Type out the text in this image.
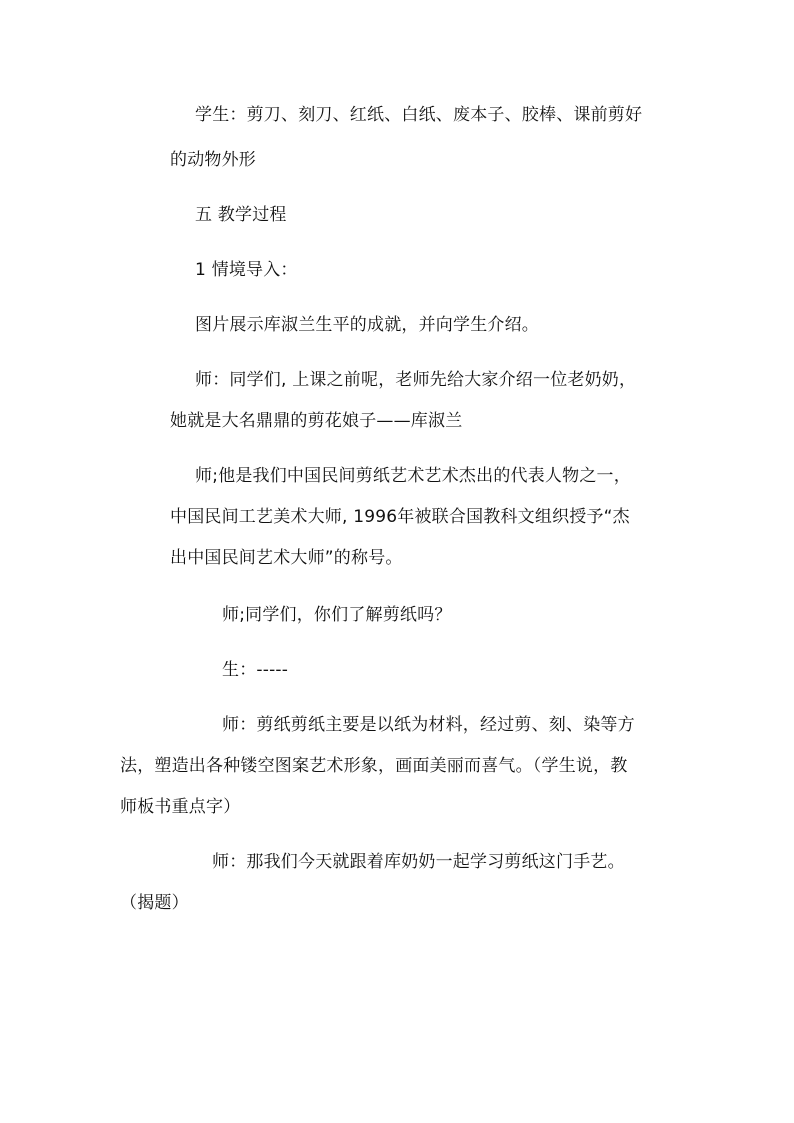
学生：剪刀、刻刀、红纸、白纸、废本子、胶棒、课前剪好
的动物外形
五 教学过程
1 情境导入：
图片展示库淑兰生平的成就，并向学生介绍。
师：同学们, 上课之前呢，老师先给大家介绍一位老奶奶，
她就是大名鼎鼎的剪花娘子——库淑兰
师;他是我们中国民间剪纸艺术艺术杰出的代表人物之一，
中国民间工艺美术大师, 1996年被联合国教科文组织授予“杰
出中国民间艺术大师”的称号。
师;同学们，你们了解剪纸吗？
生：-----
师：剪纸剪纸主要是以纸为材料，经过剪、刻、染等方
法，塑造出各种镂空图案艺术形象，画面美丽而喜气。（学生说，教
师板书重点字）
师：那我们今天就跟着库奶奶一起学习剪纸这门手艺。
（揭题）
